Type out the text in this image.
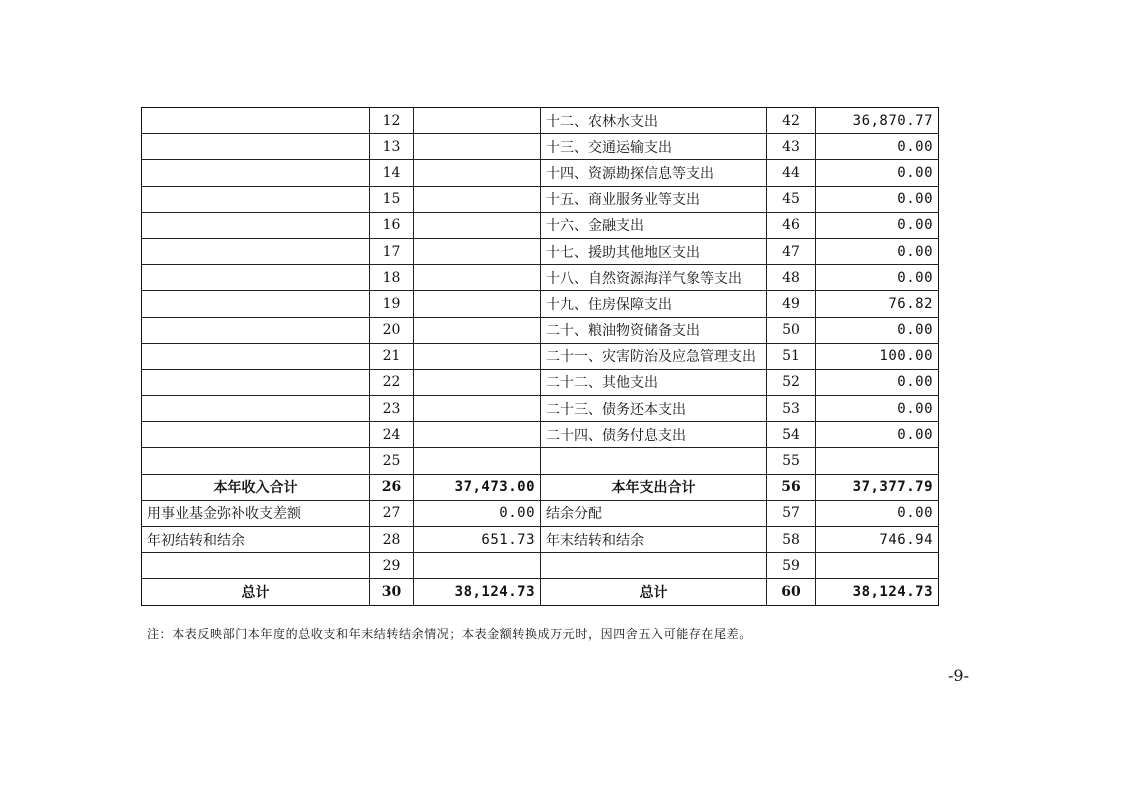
	12		十二、农林水支出	42	36,870.77
	13		十三、交通运输支出	43	0.00
	14		十四、资源勘探信息等支出	44	0.00
	15		十五、商业服务业等支出	45	0.00
	16		十六、金融支出	46	0.00
	17		十七、援助其他地区支出	47	0.00
	18		十八、自然资源海洋气象等支出	48	0.00
	19		十九、住房保障支出	49	76.82
	20		二十、粮油物资储备支出	50	0.00
	21		二十一、灾害防治及应急管理支出	51	100.00
	22		二十二、其他支出	52	0.00
	23		二十三、债务还本支出	53	0.00
	24		二十四、债务付息支出	54	0.00
	25			55	
本年收入合计	26	37,473.00	本年支出合计	56	37,377.79
用事业基金弥补收支差额	27	0.00	结余分配	57	0.00
年初结转和结余	28	651.73	年末结转和结余	58	746.94
	29			59	
总计	30	38,124.73	总计	60	38,124.73
注：本表反映部门本年度的总收支和年末结转结余情况；本表金额转换成万元时，因四舍五入可能存在尾差。
-9-
